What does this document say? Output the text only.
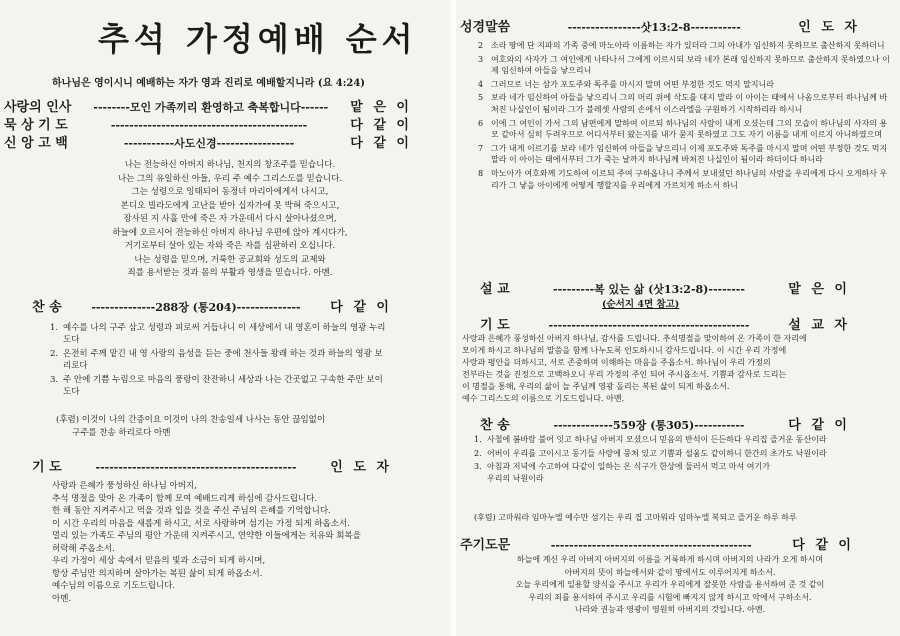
추석 가정예배 순서
하나님은 영이시니 예배하는 자가 영과 진리로 예배할지니라 (요 4:24)
사랑의 인사	--------모인 가족끼리 환영하고 축복합니다------	맡 은 이
묵 상 기 도	-------------------------------------------	다 같 이
신 앙 고 백	-----------사도신경-----------------	다 같 이
나는 전능하신 아버지 하나님, 천지의 창조주를 믿습니다.
나는 그의 유일하신 아들, 우리 주 예수 그리스도를 믿습니다.
그는 성령으로 잉태되어 동정녀 마리아에게서 나시고,
본디오 빌라도에게 고난을 받아 십자가에 못 박혀 죽으시고,
장사된 지 사흘 만에 죽은 자 가운데서 다시 살아나셨으며,
하늘에 오르시어 전능하신 아버지 하나님 우편에 앉아 계시다가,
거기로부터 살아 있는 자와 죽은 자를 심판하러 오십니다.
나는 성령을 믿으며, 거룩한 공교회와 성도의 교제와
죄를 용서받는 것과 몸의 부활과 영생을 믿습니다. 아멘.
찬 송	--------------288장 (통204)--------------	다 같 이
1. 예수를 나의 구주 삼고 성령과 피로써 거듭나니 이 세상에서 내 영혼이 하늘의 영광 누리도다
2. 온전히 주께 맡긴 내 영 사랑의 음성을 듣는 중에 천사들 왕래 하는 것과 하늘의 영광 보리로다
3. 주 안에 기쁨 누림으로 마음의 풍랑이 잔잔하니 세상과 나는 간곳없고 구속한 주만 보이도다
(후렴) 이것이 나의 간증이요 이것이 나의 찬송일세 나사는 동안 끊임없이
구주를 찬송 하리로다 아멘
기 도	--------------------------------------------	인 도 자
사랑과 은혜가 풍성하신 하나님 아버지,
추석 명절을 맞아 온 가족이 함께 모여 예배드리게 하심에 감사드립니다.
한 해 동안 지켜주시고 먹을 것과 입을 것을 주신 주님의 은혜를 기억합니다.
이 시간 우리의 마음을 새롭게 하시고, 서로 사랑하며 섬기는 가정 되게 하옵소서.
멀리 있는 가족도 주님의 평안 가운데 지켜주시고, 연약한 이들에게는 치유와 회복을
허락해 주옵소서.
우리 가정이 세상 속에서 믿음의 빛과 소금이 되게 하시며,
항상 주님만 의지하며 살아가는 복된 삶이 되게 하옵소서.
예수님의 이름으로 기도드립니다.
아멘.
성경말씀	----------------삿13:2-8-----------	인 도 자
2 소라 땅에 단 지파의 가족 중에 마노아라 이름하는 자가 있더라 그의 아내가 임신하지 못하므로 출산하지 못하더니
3 여호와의 사자가 그 여인에게 나타나서 그에게 이르시되 보라 네가 본래 임신하지 못하므로 출산하지 못하였으나 이제 임신하여 아들을 낳으리니
4 그러므로 너는 삼가 포도주와 독주를 마시지 말며 어떤 부정한 것도 먹지 말지니라
5 보라 네가 임신하여 아들을 낳으리니 그의 머리 위에 삭도를 대지 말라 이 아이는 태에서 나옴으로부터 하나님께 바쳐진 나실인이 됨이라 그가 블레셋 사람의 손에서 이스라엘을 구원하기 시작하리라 하시니
6 이에 그 여인이 가서 그의 남편에게 말하여 이르되 하나님의 사람이 내게 오셨는데 그의 모습이 하나님의 사자의 용모 같아서 심히 두려우므로 어디서부터 왔는지를 내가 묻지 못하였고 그도 자기 이름을 내게 이르지 아니하였으며
7 그가 내게 이르기를 보라 네가 임신하여 아들을 낳으리니 이제 포도주와 독주를 마시지 말며 어떤 부정한 것도 먹지 말라 이 아이는 태에서부터 그가 죽는 날까지 하나님께 바쳐진 나실인이 됨이라 하더이다 하니라
8 마노아가 여호와께 기도하여 이르되 주여 구하옵나니 주께서 보내셨던 하나님의 사람을 우리에게 다시 오게하사 우리가 그 낳을 아이에게 어떻게 행할지를 우리에게 가르치게 하소서 하니
설 교	---------복 있는 삶 (삿13:2-8)--------	맡 은 이
(순서지 4면 참고)
기 도	--------------------------------------------	설 교 자
사랑과 은혜가 풍성하신 아버지 하나님, 감사를 드립니다. 추석명절을 맞이하여 온 가족이 한 자리에
모이게 하시고 하나님의 말씀을 함께 나누도록 인도하시니 감사드립니다. 이 시간 우리 가정에
사랑과 평안을 더하시고, 서로 존중하며 이해하는 마음을 주옵소서. 하나님이 우리 가정의
전부라는 것을 진정으로 고백하오니 우리 가정의 주인 되어 주시옵소서. 기쁨과 감사로 드리는
이 명절을 통해, 우리의 삶이 늘 주님께 영광 돌리는 복된 삶이 되게 하옵소서.
예수 그리스도의 이름으로 기도드립니다. 아멘.
찬 송	-------------559장 (통305)-----------	다 같 이
1. 사철에 봄바람 불어 잇고 하나님 아버지 모셨으니 믿음의 반석이 든든하다 우리집 즐거운 동산이라
2. 어버이 우리를 고이시고 동기들 사랑에 뭉쳐 있고 기쁨과 설움도 같이하니 한간의 초가도 낙원이라
3. 아침과 저녁에 수고하여 다같이 일하는 온 식구가 한상에 둘러서 먹고 마셔 여기가
우리의 낙원이라
(후렴) 고마워라 임마누엘 예수만 섬기는 우리 집 고마워라 임마누엘 복되고 즐거운 하루 하루
주기도문	--------------------------------------------	다 같 이
하늘에 계신 우리 아버지 아버지의 이름을 거룩하게 하시며 아버지의 나라가 오게 하시며
아버지의 뜻이 하늘에서와 같이 땅에서도 이루어지게 하소서.
오늘 우리에게 일용할 양식을 주시고 우리가 우리에게 잘못한 사람을 용서하여 준 것 같이
우리의 죄를 용서하여 주시고 우리를 시험에 빠지지 않게 하시고 악에서 구하소서.
나라와 권능과 영광이 영원히 아버지의 것입니다. 아멘.
